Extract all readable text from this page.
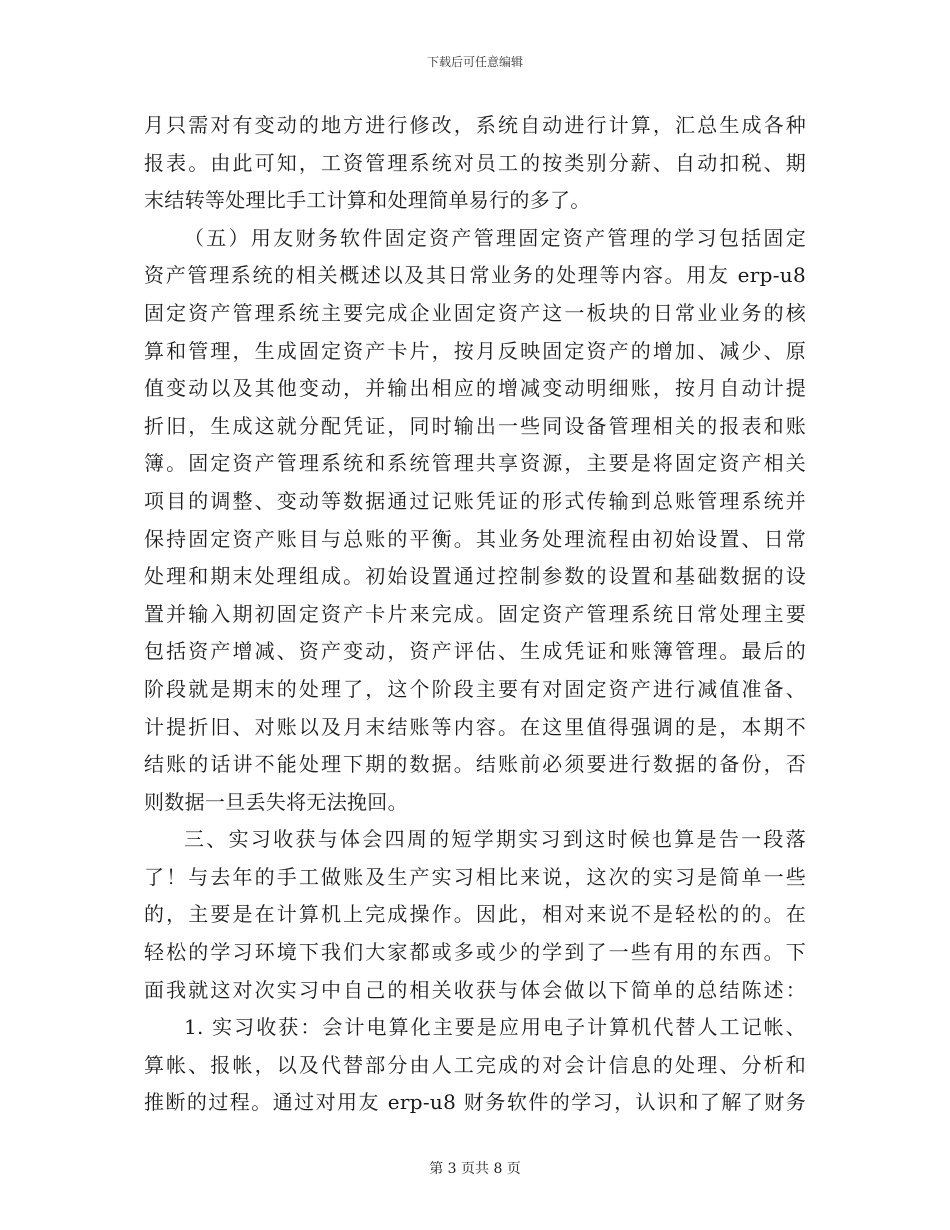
下载后可任意编辑
月只需对有变动的地方进行修改，系统自动进行计算，汇总生成各种
报表。由此可知，工资管理系统对员工的按类别分薪、自动扣税、期
末结转等处理比手工计算和处理简单易行的多了。
（五）用友财务软件固定资产管理固定资产管理的学习包括固定
资产管理系统的相关概述以及其日常业务的处理等内容。用友 erp-u8
固定资产管理系统主要完成企业固定资产这一板块的日常业业务的核
算和管理，生成固定资产卡片，按月反映固定资产的增加、减少、原
值变动以及其他变动，并输出相应的增减变动明细账，按月自动计提
折旧，生成这就分配凭证，同时输出一些同设备管理相关的报表和账
簿。固定资产管理系统和系统管理共享资源，主要是将固定资产相关
项目的调整、变动等数据通过记账凭证的形式传输到总账管理系统并
保持固定资产账目与总账的平衡。其业务处理流程由初始设置、日常
处理和期末处理组成。初始设置通过控制参数的设置和基础数据的设
置并输入期初固定资产卡片来完成。固定资产管理系统日常处理主要
包括资产增减、资产变动，资产评估、生成凭证和账簿管理。最后的
阶段就是期末的处理了，这个阶段主要有对固定资产进行减值准备、
计提折旧、对账以及月末结账等内容。在这里值得强调的是，本期不
结账的话讲不能处理下期的数据。结账前必须要进行数据的备份，否
则数据一旦丢失将无法挽回。
三、实习收获与体会四周的短学期实习到这时候也算是告一段落
了！与去年的手工做账及生产实习相比来说，这次的实习是简单一些
的，主要是在计算机上完成操作。因此，相对来说不是轻松的的。在
轻松的学习环境下我们大家都或多或少的学到了一些有用的东西。下
面我就这对次实习中自己的相关收获与体会做以下简单的总结陈述：
1. 实习收获：会计电算化主要是应用电子计算机代替人工记帐、
算帐、报帐，以及代替部分由人工完成的对会计信息的处理、分析和
推断的过程。通过对用友 erp-u8 财务软件的学习，认识和了解了财务
第 3 页共 8 页
